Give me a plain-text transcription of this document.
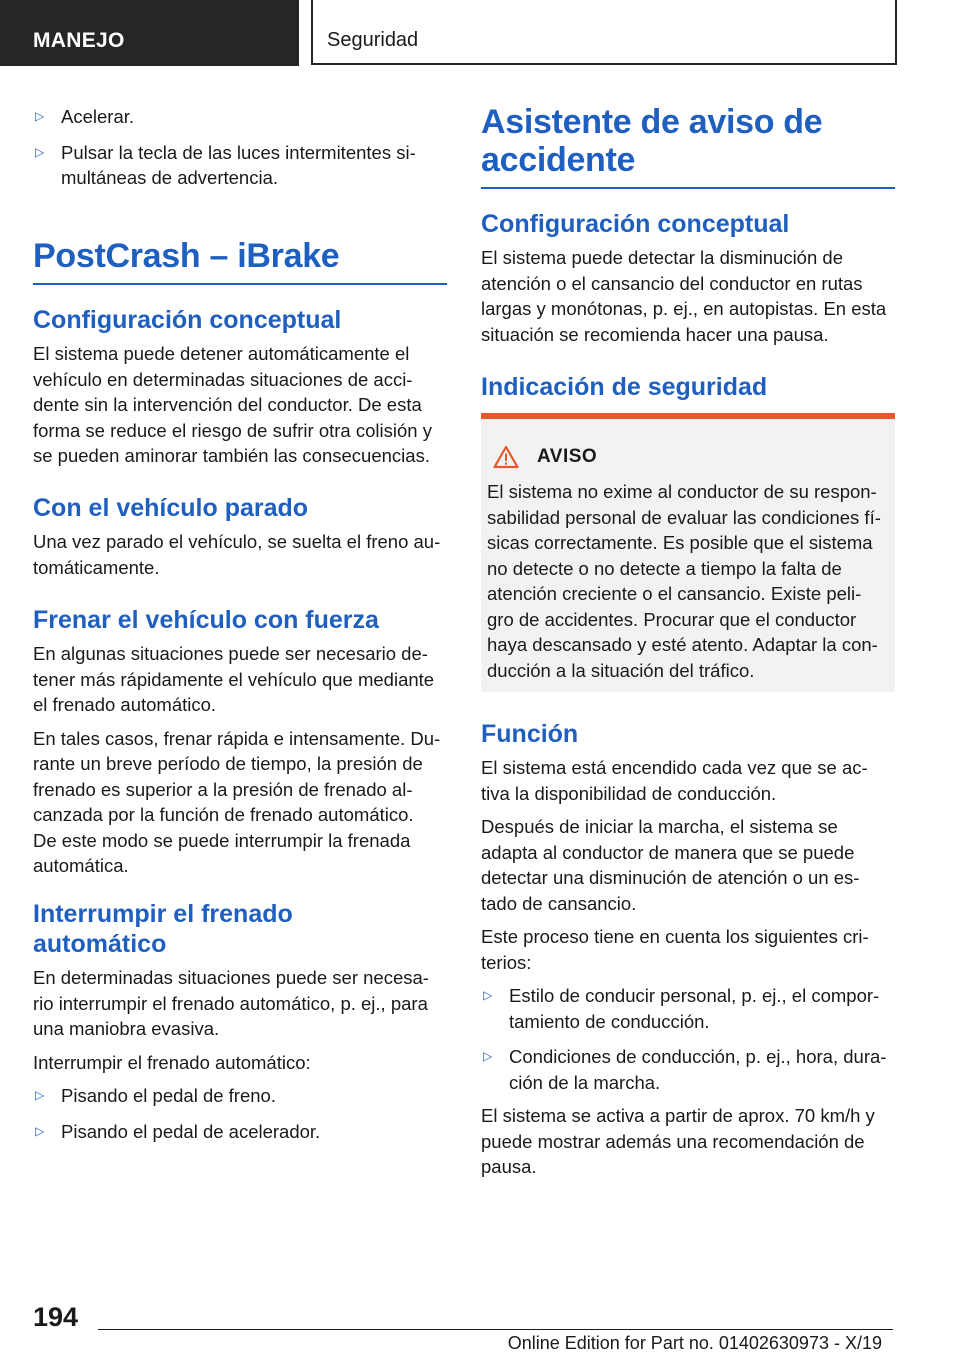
MANEJO	Seguridad
▷ Acelerar.
▷ Pulsar la tecla de las luces intermitentes si-
multáneas de advertencia.
PostCrash – iBrake
Configuración conceptual

El sistema puede detener automáticamente el
vehículo en determinadas situaciones de acci-
dente sin la intervención del conductor. De esta
forma se reduce el riesgo de sufrir otra colisión y
se pueden aminorar también las consecuencias.

Con el vehículo parado

Una vez parado el vehículo, se suelta el freno au-
tomáticamente.

Frenar el vehículo con fuerza

En algunas situaciones puede ser necesario de-
tener más rápidamente el vehículo que mediante
el frenado automático.

En tales casos, frenar rápida e intensamente. Du-
rante un breve período de tiempo, la presión de
frenado es superior a la presión de frenado al-
canzada por la función de frenado automático.
De este modo se puede interrumpir la frenada
automática.

Interrumpir el frenado
automático

En determinadas situaciones puede ser necesa-
rio interrumpir el frenado automático, p. ej., para
una maniobra evasiva.

Interrumpir el frenado automático:

▷ Pisando el pedal de freno.
▷ Pisando el pedal de acelerador.
Asistente de aviso de
accidente
Configuración conceptual

El sistema puede detectar la disminución de
atención o el cansancio del conductor en rutas
largas y monótonas, p. ej., en autopistas. En esta
situación se recomienda hacer una pausa.

Indicación de seguridad
Función

El sistema está encendido cada vez que se ac-
tiva la disponibilidad de conducción.

Después de iniciar la marcha, el sistema se
adapta al conductor de manera que se puede
detectar una disminución de atención o un es-
tado de cansancio.

Este proceso tiene en cuenta los siguientes cri-
terios:

▷ Estilo de conducir personal, p. ej., el compor-
tamiento de conducción.
▷ Condiciones de conducción, p. ej., hora, dura-
ción de la marcha.

El sistema se activa a partir de aprox. 70 km/h y
puede mostrar además una recomendación de
pausa.

AVISO

El sistema no exime al conductor de su respon-
sabilidad personal de evaluar las condiciones fí-
sicas correctamente. Es posible que el sistema
no detecte o no detecte a tiempo la falta de
atención creciente o el cansancio. Existe peli-
gro de accidentes. Procurar que el conductor
haya descansado y esté atento. Adaptar la con-
ducción a la situación del tráfico.

194
Online Edition for Part no. 01402630973 - X/19
